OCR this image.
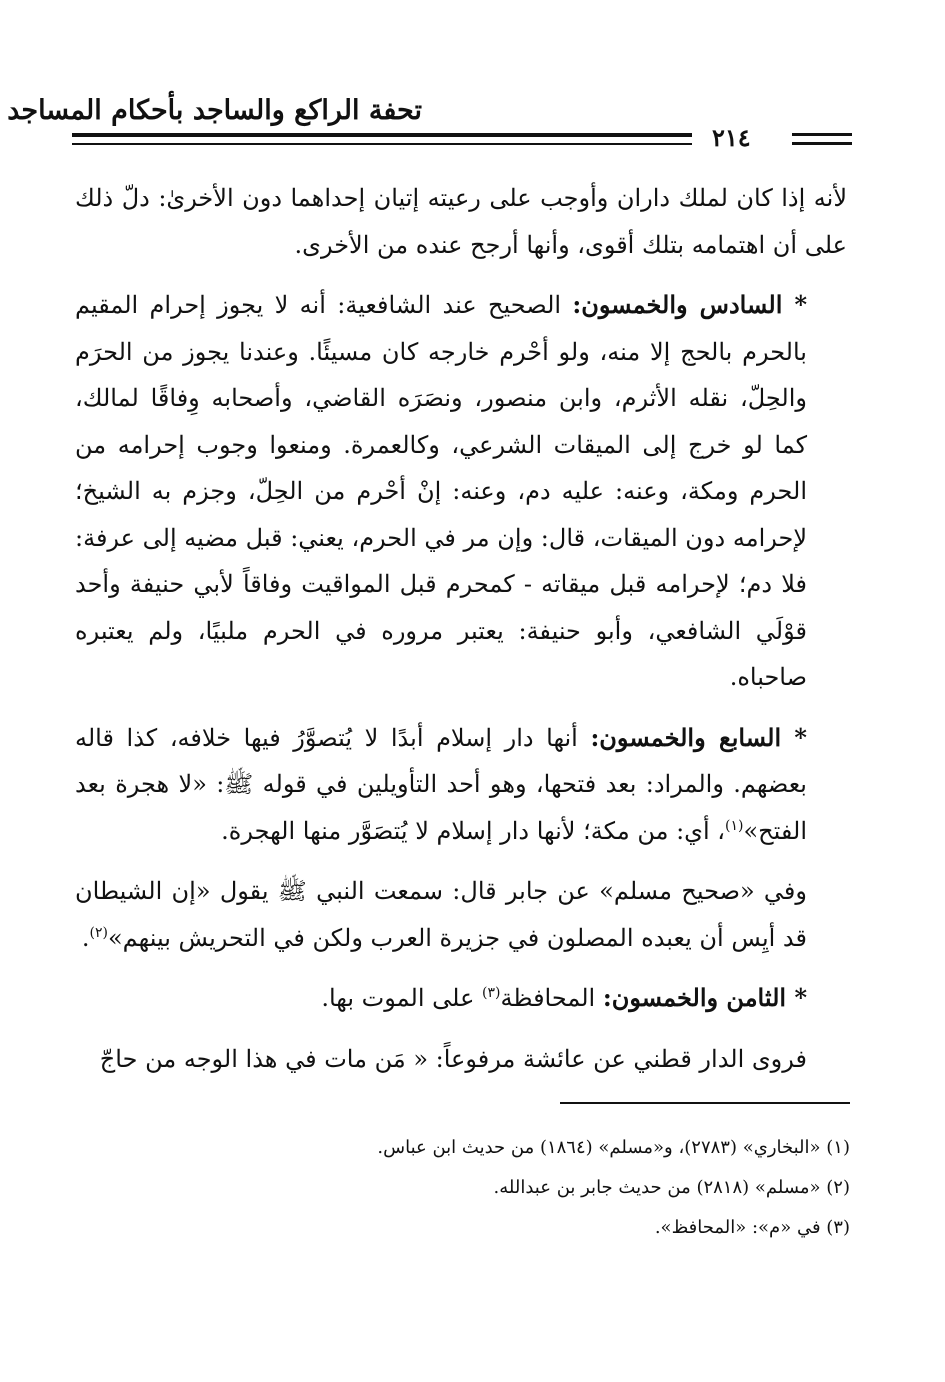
تحفة الراكع والساجد بأحكام المساجد
٢١٤

لأنه إذا كان لملك داران وأوجب على رعيته إتيان إحداهما دون الأخرىٰ: دلّ ذلك على أن اهتمامه بتلك أقوى، وأنها أرجح عنده من الأخرى.

* السادس والخمسون: الصحيح عند الشافعية: أنه لا يجوز إحرام المقيم بالحرم بالحج إلا منه، ولو أحْرم خارجه كان مسيئًا. وعندنا يجوز من الحرَم والحِلّ، نقله الأثرم، وابن منصور، ونصَرَه القاضي، وأصحابه وِفاقًا لمالك، كما لو خرج إلى الميقات الشرعي، وكالعمرة. ومنعوا وجوب إحرامه من الحرم ومكة، وعنه: عليه دم، وعنه: إنْ أحْرم من الحِلّ، وجزم به الشيخ؛ لإحرامه دون الميقات، قال: وإن مر في الحرم، يعني: قبل مضيه إلى عرفة: فلا دم؛ لإحرامه قبل ميقاته - كمحرم قبل المواقيت وفاقاً لأبي حنيفة وأحد قوْلَي الشافعي، وأبو حنيفة: يعتبر مروره في الحرم ملبيًا، ولم يعتبره صاحباه.

* السابع والخمسون: أنها دار إسلام أبدًا لا يُتصوَّرُ فيها خلافه، كذا قاله بعضهم. والمراد: بعد فتحها، وهو أحد التأويلين في قوله ﷺ: «لا هجرة بعد الفتح»$^{(١)}$، أي: من مكة؛ لأنها دار إسلام لا يُتصَوَّر منها الهجرة.

وفي «صحيح مسلم» عن جابر قال: سمعت النبي ﷺ يقول «إن الشيطان قد أيِس أن يعبده المصلون في جزيرة العرب ولكن في التحريش بينهم»$^{(٢)}$.

* الثامن والخمسون: المحافظة$^{(٣)}$ على الموت بها.

فروى الدار قطني عن عائشة مرفوعاً: « مَن مات في هذا الوجه من حاجّ

(١) «البخاري» (٢٧٨٣)، و«مسلم» (١٨٦٤) من حديث ابن عباس.

(٢) «مسلم» (٢٨١٨) من حديث جابر بن عبدالله.

(٣) في «م»: «المحافظ».
